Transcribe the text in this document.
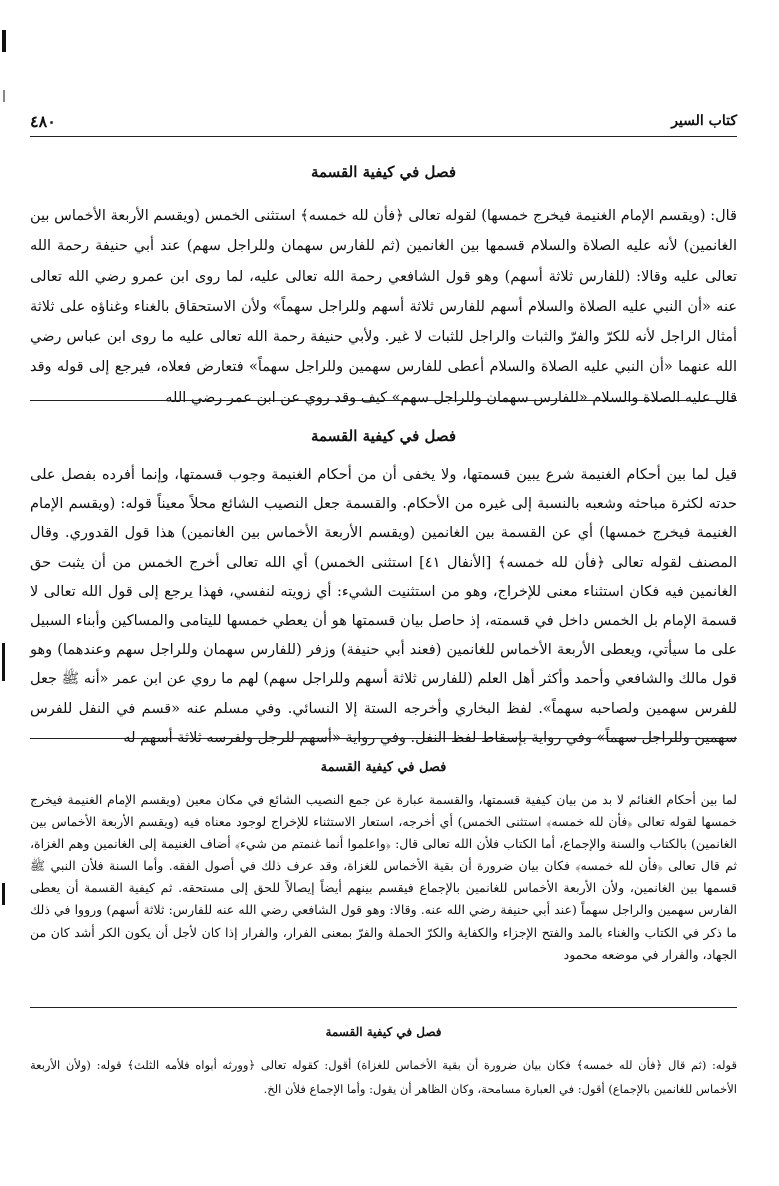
٤٨٠	كتاب السير
فصل في كيفية القسمة

قال: (ويقسم الإمام الغنيمة فيخرج خمسها) لقوله تعالى ﴿فأن لله خمسه﴾ استثنى الخمس (ويقسم الأربعة الأخماس بين الغانمين) لأنه عليه الصلاة والسلام قسمها بين الغانمين (ثم للفارس سهمان وللراجل سهم) عند أبي حنيفة رحمة الله تعالى عليه وقالا: (للفارس ثلاثة أسهم) وهو قول الشافعي رحمة الله تعالى عليه، لما روى ابن عمرو رضي الله تعالى عنه «أن النبي عليه الصلاة والسلام أسهم للفارس ثلاثة أسهم وللراجل سهماً» ولأن الاستحقاق بالغناء وغناؤه على ثلاثة أمثال الراجل لأنه للكرّ والفرّ والثبات والراجل للثبات لا غير. ولأبي حنيفة رحمة الله تعالى عليه ما روى ابن عباس رضي الله عنهما «أن النبي عليه الصلاة والسلام أعطى للفارس سهمين وللراجل سهماً» فتعارض فعلاه، فيرجع إلى قوله وقد قال عليه الصلاة والسلام «للفارس سهمان وللراجل سهم» كيف وقد روي عن ابن عمر رضي الله

فصل في كيفية القسمة

قيل لما بين أحكام الغنيمة شرع يبين قسمتها، ولا يخفى أن من أحكام الغنيمة وجوب قسمتها، وإنما أفرده بفصل على حدته لكثرة مباحثه وشعبه بالنسبة إلى غيره من الأحكام. والقسمة جعل النصيب الشائع محلاً معيناً قوله: (ويقسم الإمام الغنيمة فيخرج خمسها) أي عن القسمة بين الغانمين (ويقسم الأربعة الأخماس بين الغانمين) هذا قول القدوري. وقال المصنف لقوله تعالى ﴿فأن لله خمسه﴾ [الأنفال ٤١] استثنى الخمس) أي الله تعالى أخرج الخمس من أن يثبت حق الغانمين فيه فكان استثناء معنى للإخراج، وهو من استثنيت الشيء: أي زويته لنفسي، فهذا يرجع إلى قول الله تعالى لا قسمة الإمام بل الخمس داخل في قسمته، إذ حاصل بيان قسمتها هو أن يعطي خمسها لليتامى والمساكين وأبناء السبيل على ما سيأتي، ويعطى الأربعة الأخماس للغانمين (فعند أبي حنيفة) وزفر (للفارس سهمان وللراجل سهم وعندهما) وهو قول مالك والشافعي وأحمد وأكثر أهل العلم (للفارس ثلاثة أسهم وللراجل سهم) لهم ما روي عن ابن عمر «أنه ﷺ جعل للفرس سهمين ولصاحبه سهماً». لفظ البخاري وأخرجه الستة إلا النسائي. وفي مسلم عنه «قسم في النفل للفرس سهمين وللراجل سهماً» وفي رواية بإسقاط لفظ النفل. وفي رواية «أسهم للرجل ولفرسه ثلاثة أسهم له

فصل في كيفية القسمة

لما بين أحكام الغنائم لا بد من بيان كيفية قسمتها، والقسمة عبارة عن جمع النصيب الشائع في مكان معين (ويقسم الإمام الغنيمة فيخرج خمسها لقوله تعالى ﴿فأن لله خمسه﴾ استثنى الخمس) أي أخرجه، استعار الاستثناء للإخراج لوجود معناه فيه (ويقسم الأربعة الأخماس بين الغانمين) بالكتاب والسنة والإجماع، أما الكتاب فلأن الله تعالى قال: ﴿واعلموا أنما غنمتم من شيء﴾ أضاف الغنيمة إلى الغانمين وهم الغزاة، ثم قال تعالى ﴿فأن لله خمسه﴾ فكان بيان ضرورة أن بقية الأخماس للغزاة، وقد عرف ذلك في أصول الفقه. وأما السنة فلأن النبي ﷺ قسمها بين الغانمين، ولأن الأربعة الأخماس للغانمين بالإجماع فيقسم بينهم أيضاً إيصالاً للحق إلى مستحقه. ثم كيفية القسمة أن يعطى الفارس سهمين والراجل سهماً (عند أبي حنيفة رضي الله عنه. وقالا: وهو قول الشافعي رضي الله عنه للفارس: ثلاثة أسهم) ورووا في ذلك ما ذكر في الكتاب والغناء بالمد والفتح الإجزاء والكفاية والكرّ الحملة والفرّ بمعنى الفرار، والفرار إذا كان لأجل أن يكون الكر أشد كان من الجهاد، والفرار في موضعه محمود

فصل في كيفية القسمة

قوله: (ثم قال ﴿فأن لله خمسه﴾ فكان بيان ضرورة أن بقية الأخماس للغزاة) أقول: كقوله تعالى ﴿وورثه أبواه فلأمه الثلث﴾ قوله: (ولأن الأربعة الأخماس للغانمين بالإجماع) أقول: في العبارة مسامحة، وكان الظاهر أن يقول: وأما الإجماع فلأن الخ.
